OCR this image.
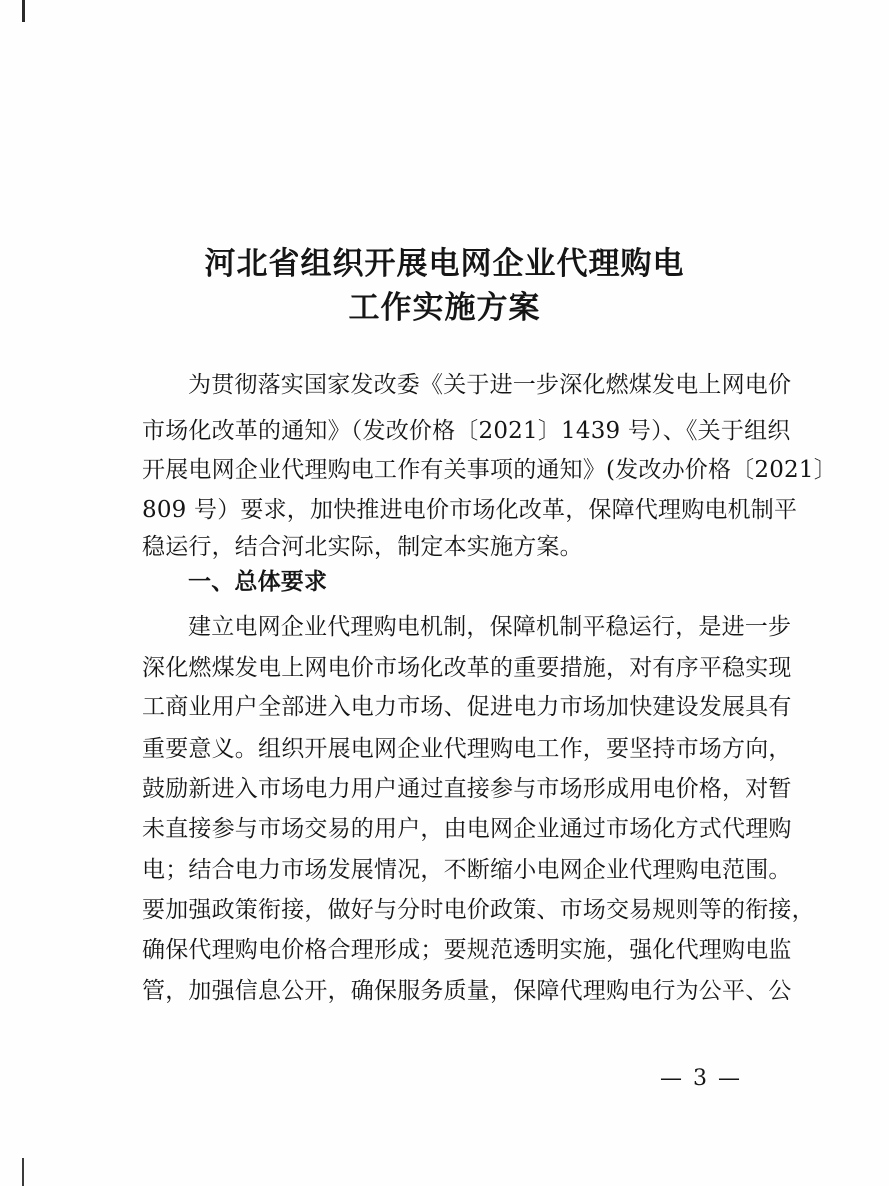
河北省组织开展电网企业代理购电
工作实施方案
为贯彻落实国家发改委《关于进一步深化燃煤发电上网电价
市场化改革的通知》（发改价格〔2021〕1439 号）、《关于组织
开展电网企业代理购电工作有关事项的通知》(发改办价格〔2021〕
809 号）要求，加快推进电价市场化改革，保障代理购电机制平
稳运行，结合河北实际，制定本实施方案。
一、总体要求
建立电网企业代理购电机制，保障机制平稳运行，是进一步
深化燃煤发电上网电价市场化改革的重要措施，对有序平稳实现
工商业用户全部进入电力市场、促进电力市场加快建设发展具有
重要意义。组织开展电网企业代理购电工作，要坚持市场方向，
鼓励新进入市场电力用户通过直接参与市场形成用电价格，对暂
未直接参与市场交易的用户，由电网企业通过市场化方式代理购
电；结合电力市场发展情况，不断缩小电网企业代理购电范围。
要加强政策衔接，做好与分时电价政策、市场交易规则等的衔接，
确保代理购电价格合理形成；要规范透明实施，强化代理购电监
管，加强信息公开，确保服务质量，保障代理购电行为公平、公
— 3 —
